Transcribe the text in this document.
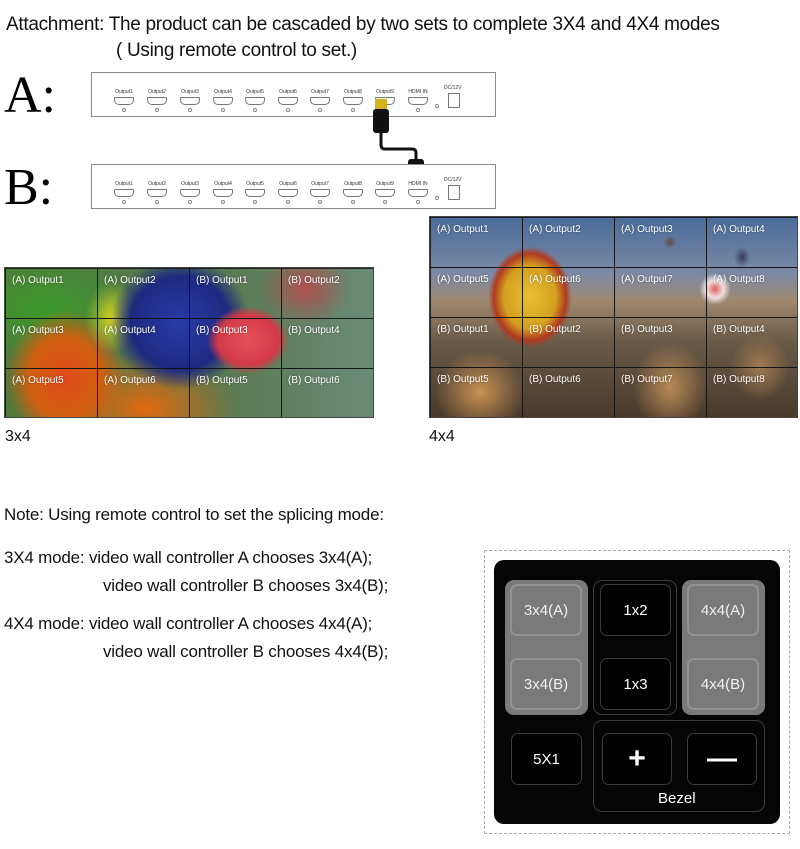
Attachment: The product can be cascaded by two sets to complete 3X4 and 4X4 modes
( Using remote control to set.)
A:	Output1	Output2	Output3	Output4	Output5	Output6	Output7	Output8	Output9	HDMI IN
DC/12V
B:	Output1	Output2	Output3	Output4	Output5	Output6	Output7	Output8	Output9	HDMI IN
DC/12V
(A) Output1	(A) Output2	(B) Output1	(B) Output2
(A) Output3	(A) Output4	(B) Output3	(B) Output4
(A) Output5	(A) Output6	(B) Output5	(B) Output6
3x4
(A) Output1	(A) Output2	(A) Output3	(A) Output4
(A) Output5	(A) Output6	(A) Output7	(A) Output8
(B) Output1	(B) Output2	(B) Output3	(B) Output4
(B) Output5	(B) Output6	(B) Output7	(B) Output8
4x4
Note: Using remote control to set the splicing mode:
3X4 mode: video wall controller A chooses 3x4(A);
video wall controller B chooses 3x4(B);
4X4 mode: video wall controller A chooses 4x4(A);
video wall controller B chooses 4x4(B);
3x4(A)
3x4(B)
1x2
1x3
4x4(A)
4x4(B)
5X1	+	—
Bezel
